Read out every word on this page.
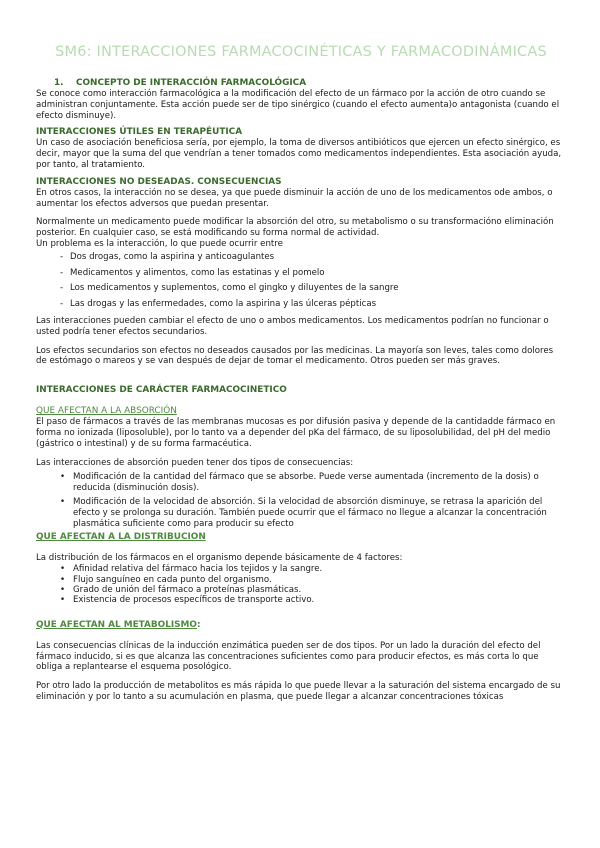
SM6: INTERACCIONES FARMACOCINÉTICAS Y FARMACODINÁMICAS
1. CONCEPTO DE INTERACCIÓN FARMACOLÓGICA

Se conoce como interacción farmacológica a la modificación del efecto de un fármaco por la acción de otro cuando se administran conjuntamente. Esta acción puede ser de tipo sinérgico (cuando el efecto aumenta)o antagonista (cuando el efecto disminuye).

INTERACCIONES ÚTILES EN TERAPÉUTICA

Un caso de asociación beneficiosa sería, por ejemplo, la toma de diversos antibióticos que ejercen un efecto sinérgico, es decir, mayor que la suma del que vendrían a tener tomados como medicamentos independientes. Esta asociación ayuda, por tanto, al tratamiento.

INTERACCIONES NO DESEADAS. CONSECUENCIAS

En otros casos, la interacción no se desea, ya que puede disminuir la acción de uno de los medicamentos ode ambos, o aumentar los efectos adversos que puedan presentar.

Normalmente un medicamento puede modificar la absorción del otro, su metabolismo o su transformacióno eliminación posterior. En cualquier caso, se está modificando su forma normal de actividad.

Un problema es la interacción, lo que puede ocurrir entre

- Dos drogas, como la aspirina y anticoagulantes
- Medicamentos y alimentos, como las estatinas y el pomelo
- Los medicamentos y suplementos, como el gingko y diluyentes de la sangre
- Las drogas y las enfermedades, como la aspirina y las úlceras pépticas

Las interacciones pueden cambiar el efecto de uno o ambos medicamentos. Los medicamentos podrían no funcionar o usted podría tener efectos secundarios.

Los efectos secundarios son efectos no deseados causados por las medicinas. La mayoría son leves, tales como dolores de estómago o mareos y se van después de dejar de tomar el medicamento. Otros pueden ser más graves.

INTERACCIONES DE CARÁCTER FARMACOCINETICO
QUE AFECTAN A LA ABSORCIÓN

El paso de fármacos a través de las membranas mucosas es por difusión pasiva y depende de la cantidadde fármaco en forma no ionizada (liposoluble), por lo tanto va a depender del pKa del fármaco, de su liposolubilidad, del pH del medio (gástrico o intestinal) y de su forma farmacéutica.

Las interacciones de absorción pueden tener dos tipos de consecuencias:

• Modificación de la cantidad del fármaco que se absorbe. Puede verse aumentada (incremento de la dosis) o reducida (disminución dosis).
• Modificación de la velocidad de absorción. Si la velocidad de absorción disminuye, se retrasa la aparición del efecto y se prolonga su duración. También puede ocurrir que el fármaco no llegue a alcanzar la concentración plasmática suficiente como para producir su efecto
QUE AFECTAN A LA DISTRIBUCION

La distribución de los fármacos en el organismo depende básicamente de 4 factores:

• Afinidad relativa del fármaco hacia los tejidos y la sangre.
• Flujo sanguíneo en cada punto del organismo.
• Grado de unión del fármaco a proteínas plasmáticas.
• Existencia de procesos específicos de transporte activo.
QUE AFECTAN AL METABOLISMO:

Las consecuencias clínicas de la inducción enzimática pueden ser de dos tipos. Por un lado la duración del efecto del fármaco inducido, si es que alcanza las concentraciones suficientes como para producir efectos, es más corta lo que obliga a replantearse el esquema posológico.

Por otro lado la producción de metabolitos es más rápida lo que puede llevar a la saturación del sistema encargado de su eliminación y por lo tanto a su acumulación en plasma, que puede llegar a alcanzar concentraciones tóxicas
